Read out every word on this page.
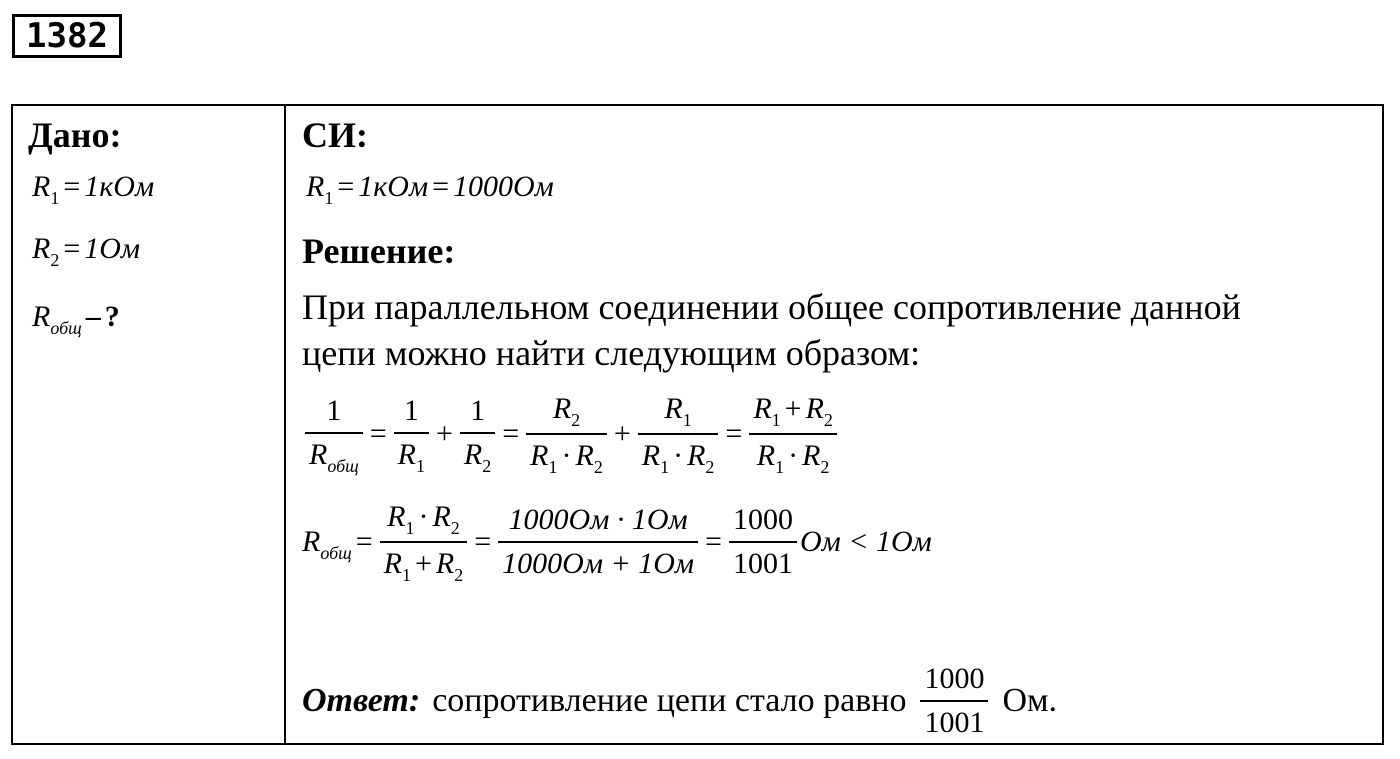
1382
Дано:
$R_1 = 1кОм$
$R_2 = 1Ом$
$R_{общ}$ – ?
СИ:
$R_1 = 1кОм = 1000Ом$
Решение:
При параллельном соединении общее сопротивление данной
цепи можно найти следующим образом:
$\frac{1}{R_{общ}} = \frac{1}{R_1} + \frac{1}{R_2} = \frac{R_2}{R_1 \cdot R_2} + \frac{R_1}{R_1 \cdot R_2} = \frac{R_1 + R_2}{R_1 \cdot R_2}$
$R_{общ} = \frac{R_1 \cdot R_2}{R_1 + R_2} = \frac{1000Ом \cdot 1Ом}{1000Ом + 1Ом} = \frac{1000}{1001}$ Ом < 1Ом
Ответ: сопротивление цепи стало равно $\frac{1000}{1001}$ Ом.
